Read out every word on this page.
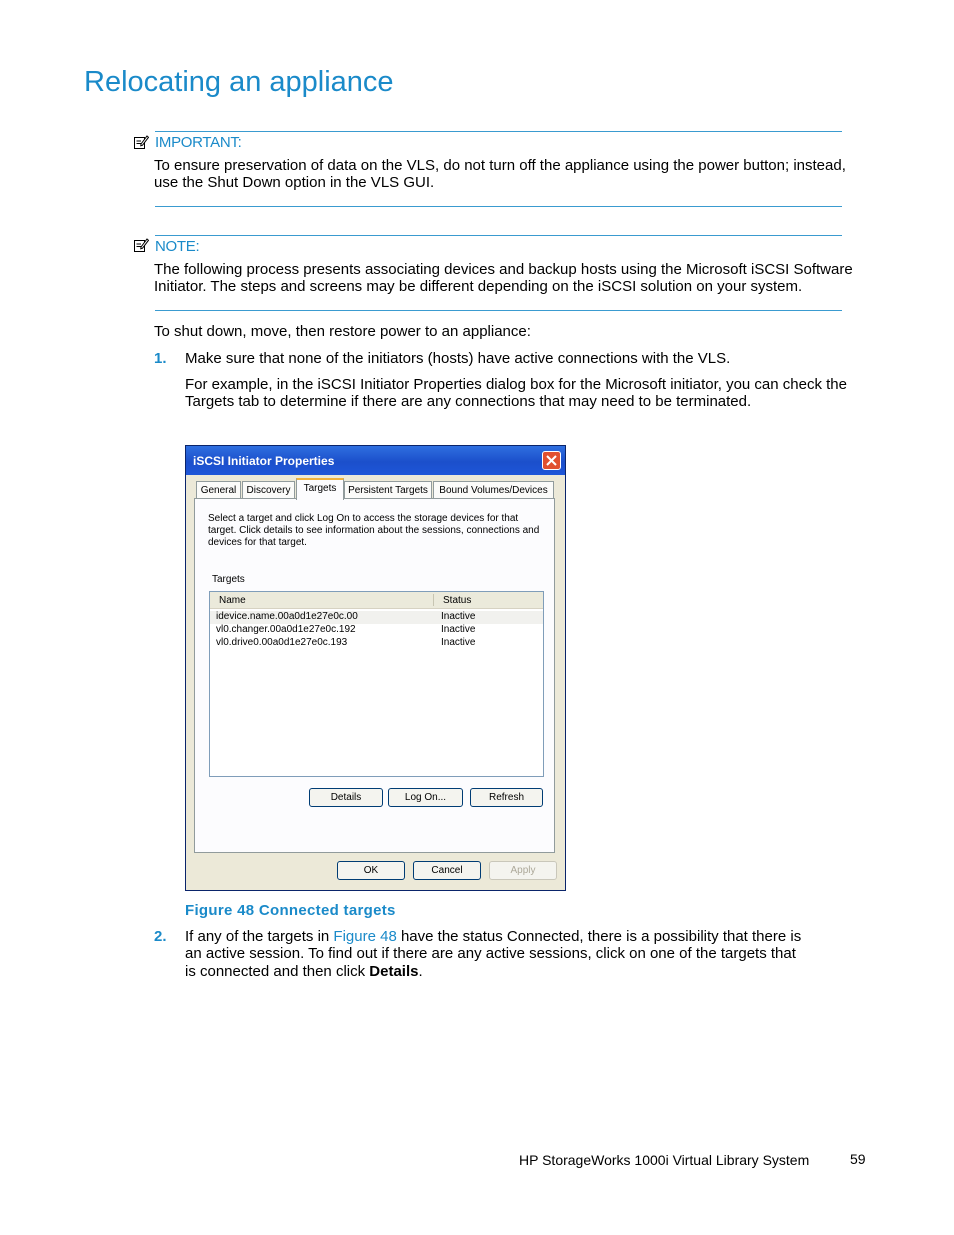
Relocating an appliance
IMPORTANT:
To ensure preservation of data on the VLS, do not turn off the appliance using the power button; instead,
use the Shut Down option in the VLS GUI.
NOTE:
The following process presents associating devices and backup hosts using the Microsoft iSCSI Software
Initiator. The steps and screens may be different depending on the iSCSI solution on your system.
To shut down, move, then restore power to an appliance:
1. Make sure that none of the initiators (hosts) have active connections with the VLS.
For example, in the iSCSI Initiator Properties dialog box for the Microsoft initiator, you can check the
Targets tab to determine if there are any connections that may need to be terminated.
iSCSI Initiator Properties
General	Discovery	Targets	Persistent Targets	Bound Volumes/Devices
Select a target and click Log On to access the storage devices for that
target. Click details to see information about the sessions, connections and
devices for that target.
Targets
Name	Status
idevice.name.00a0d1e27e0c.00	Inactive
vl0.changer.00a0d1e27e0c.192	Inactive
vl0.drive0.00a0d1e27e0c.193	Inactive
Details	Log On...	Refresh
OK	Cancel	Apply
Figure 48 Connected targets
2. If any of the targets in Figure 48 have the status Connected, there is a possibility that there is
an active session. To find out if there are any active sessions, click on one of the targets that
is connected and then click Details.
HP StorageWorks 1000i Virtual Library System	59
